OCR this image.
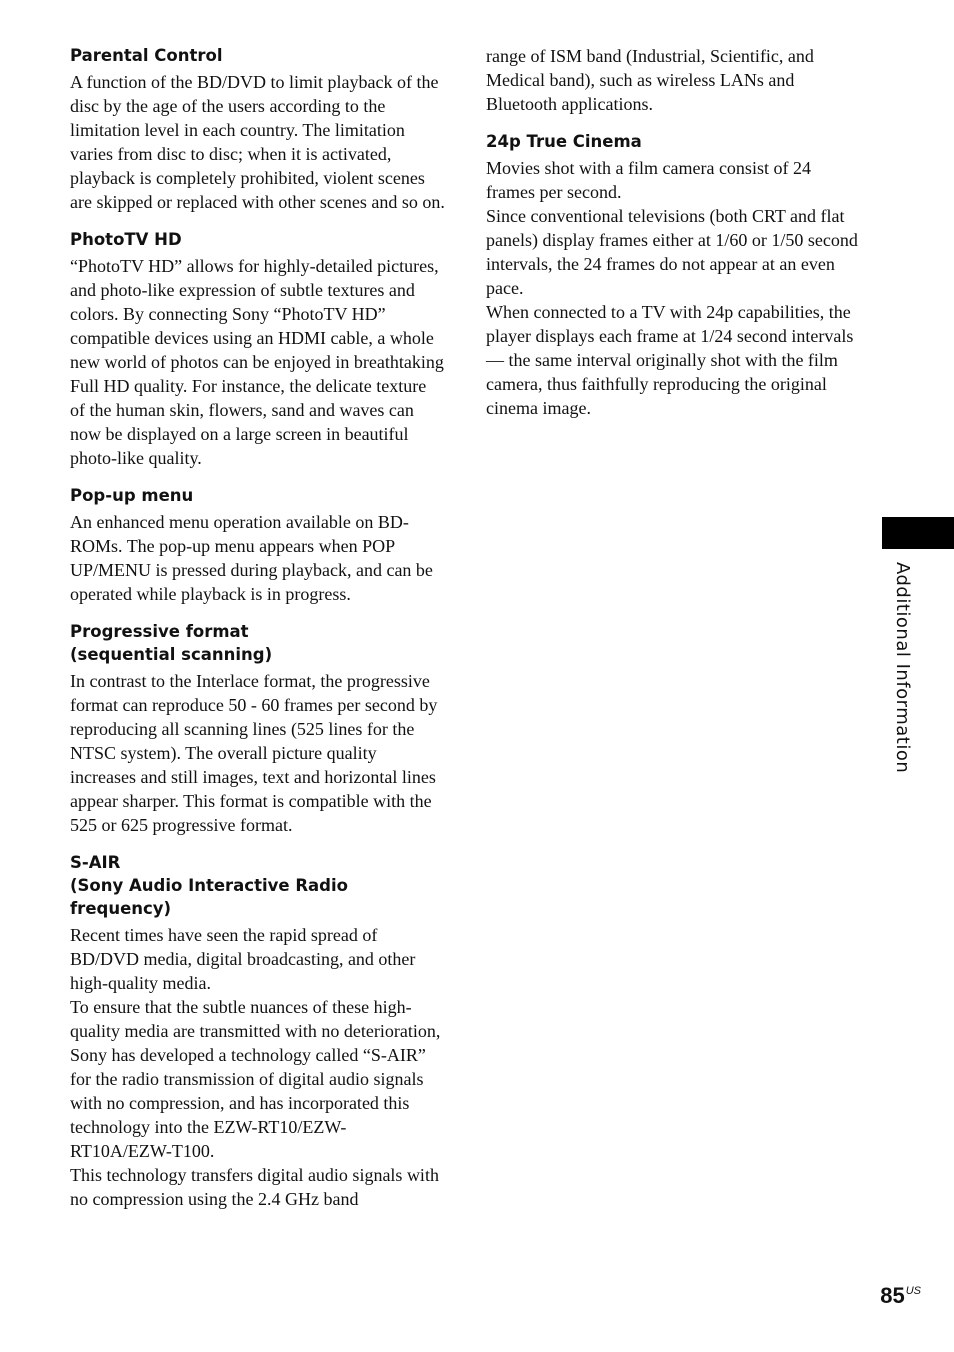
Parental Control

A function of the BD/DVD to limit playback of the disc by the age of the users according to the limitation level in each country. The limitation varies from disc to disc; when it is activated, playback is completely prohibited, violent scenes are skipped or replaced with other scenes and so on.

PhotoTV HD

“PhotoTV HD” allows for highly-detailed pictures, and photo-like expression of subtle textures and colors. By connecting Sony “PhotoTV HD” compatible devices using an HDMI cable, a whole new world of photos can be enjoyed in breathtaking Full HD quality. For instance, the delicate texture of the human skin, flowers, sand and waves can now be displayed on a large screen in beautiful photo-like quality.

Pop-up menu

An enhanced menu operation available on BD-ROMs. The pop-up menu appears when POP UP/MENU is pressed during playback, and can be operated while playback is in progress.

Progressive format
(sequential scanning)

In contrast to the Interlace format, the progressive format can reproduce 50 - 60 frames per second by reproducing all scanning lines (525 lines for the NTSC system). The overall picture quality increases and still images, text and horizontal lines appear sharper. This format is compatible with the 525 or 625 progressive format.

S-AIR
(Sony Audio Interactive Radio frequency)

Recent times have seen the rapid spread of BD/DVD media, digital broadcasting, and other high-quality media.

To ensure that the subtle nuances of these high-quality media are transmitted with no deterioration, Sony has developed a technology called “S-AIR” for the radio transmission of digital audio signals with no compression, and has incorporated this technology into the EZW-RT10/EZW-RT10A/EZW-T100.

This technology transfers digital audio signals with no compression using the 2.4 GHz band

range of ISM band (Industrial, Scientific, and Medical band), such as wireless LANs and Bluetooth applications.

24p True Cinema

Movies shot with a film camera consist of 24 frames per second.

Since conventional televisions (both CRT and flat panels) display frames either at 1/60 or 1/50 second intervals, the 24 frames do not appear at an even pace.

When connected to a TV with 24p capabilities, the player displays each frame at 1/24 second intervals — the same interval originally shot with the film camera, thus faithfully reproducing the original cinema image.

Additional Information
$85^{US}$
